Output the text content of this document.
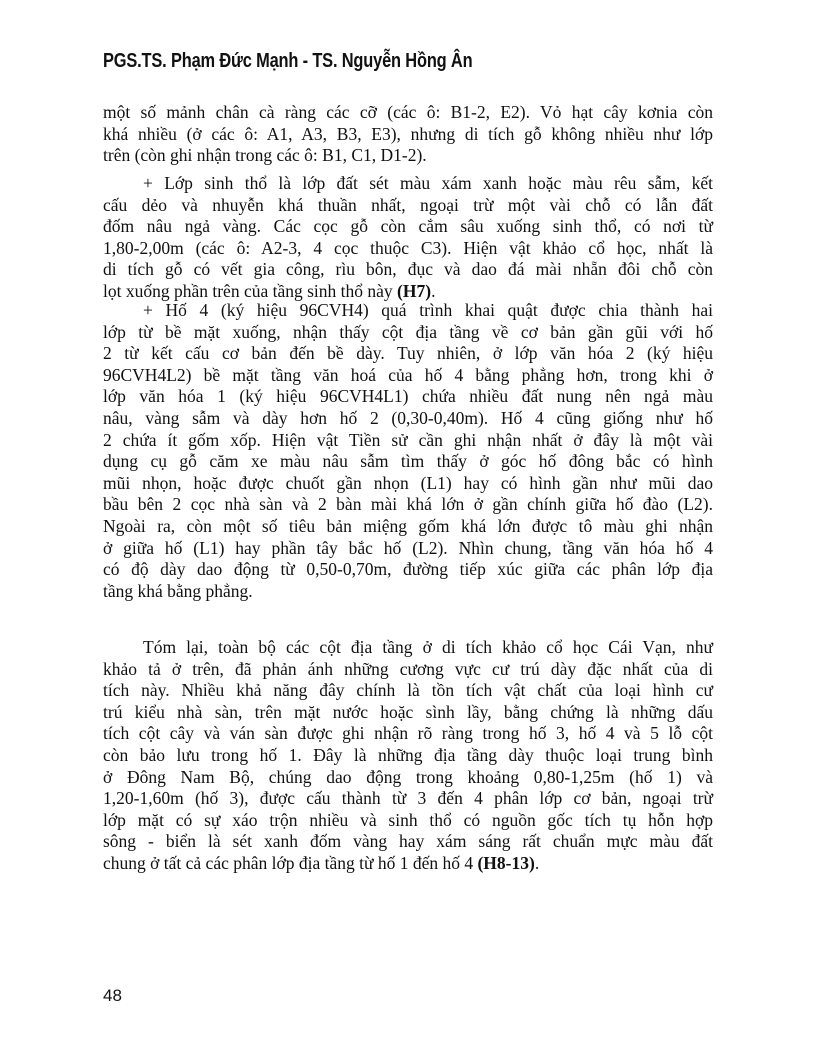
PGS.TS. Phạm Đức Mạnh - TS. Nguyễn Hồng Ân
một số mảnh chân cà ràng các cỡ (các ô: B1-2, E2). Vỏ hạt cây kơnia còn
khá nhiều (ở các ô: A1, A3, B3, E3), nhưng di tích gỗ không nhiều như lớp
trên (còn ghi nhận trong các ô: B1, C1, D1-2).
+ Lớp sinh thổ là lớp đất sét màu xám xanh hoặc màu rêu sẫm, kết
cấu dẻo và nhuyễn khá thuần nhất, ngoại trừ một vài chỗ có lẫn đất
đốm nâu ngả vàng. Các cọc gỗ còn cắm sâu xuống sinh thổ, có nơi từ
1,80-2,00m (các ô: A2-3, 4 cọc thuộc C3). Hiện vật khảo cổ học, nhất là
di tích gỗ có vết gia công, rìu bôn, đục và dao đá mài nhẵn đôi chỗ còn
lọt xuống phần trên của tầng sinh thổ này (H7).
+ Hố 4 (ký hiệu 96CVH4) quá trình khai quật được chia thành hai
lớp từ bề mặt xuống, nhận thấy cột địa tầng về cơ bản gần gũi với hố
2 từ kết cấu cơ bản đến bề dày. Tuy nhiên, ở lớp văn hóa 2 (ký hiệu
96CVH4L2) bề mặt tầng văn hoá của hố 4 bằng phẳng hơn, trong khi ở
lớp văn hóa 1 (ký hiệu 96CVH4L1) chứa nhiều đất nung nên ngả màu
nâu, vàng sẫm và dày hơn hố 2 (0,30-0,40m). Hố 4 cũng giống như hố
2 chứa ít gốm xốp. Hiện vật Tiền sử cần ghi nhận nhất ở đây là một vài
dụng cụ gỗ căm xe màu nâu sẫm tìm thấy ở góc hố đông bắc có hình
mũi nhọn, hoặc được chuốt gần nhọn (L1) hay có hình gần như mũi dao
bầu bên 2 cọc nhà sàn và 2 bàn mài khá lớn ở gần chính giữa hố đào (L2).
Ngoài ra, còn một số tiêu bản miệng gốm khá lớn được tô màu ghi nhận
ở giữa hố (L1) hay phần tây bắc hố (L2). Nhìn chung, tầng văn hóa hố 4
có độ dày dao động từ 0,50-0,70m, đường tiếp xúc giữa các phân lớp địa
tầng khá bằng phẳng.
Tóm lại, toàn bộ các cột địa tầng ở di tích khảo cổ học Cái Vạn, như
khảo tả ở trên, đã phản ánh những cương vực cư trú dày đặc nhất của di
tích này. Nhiều khả năng đây chính là tồn tích vật chất của loại hình cư
trú kiểu nhà sàn, trên mặt nước hoặc sình lầy, bằng chứng là những dấu
tích cột cây và ván sàn được ghi nhận rõ ràng trong hố 3, hố 4 và 5 lỗ cột
còn bảo lưu trong hố 1. Đây là những địa tầng dày thuộc loại trung bình
ở Đông Nam Bộ, chúng dao động trong khoảng 0,80-1,25m (hố 1) và
1,20-1,60m (hố 3), được cấu thành từ 3 đến 4 phân lớp cơ bản, ngoại trừ
lớp mặt có sự xáo trộn nhiều và sinh thổ có nguồn gốc tích tụ hỗn hợp
sông - biển là sét xanh đốm vàng hay xám sáng rất chuẩn mực màu đất
chung ở tất cả các phân lớp địa tầng từ hố 1 đến hố 4 (H8-13).
48
